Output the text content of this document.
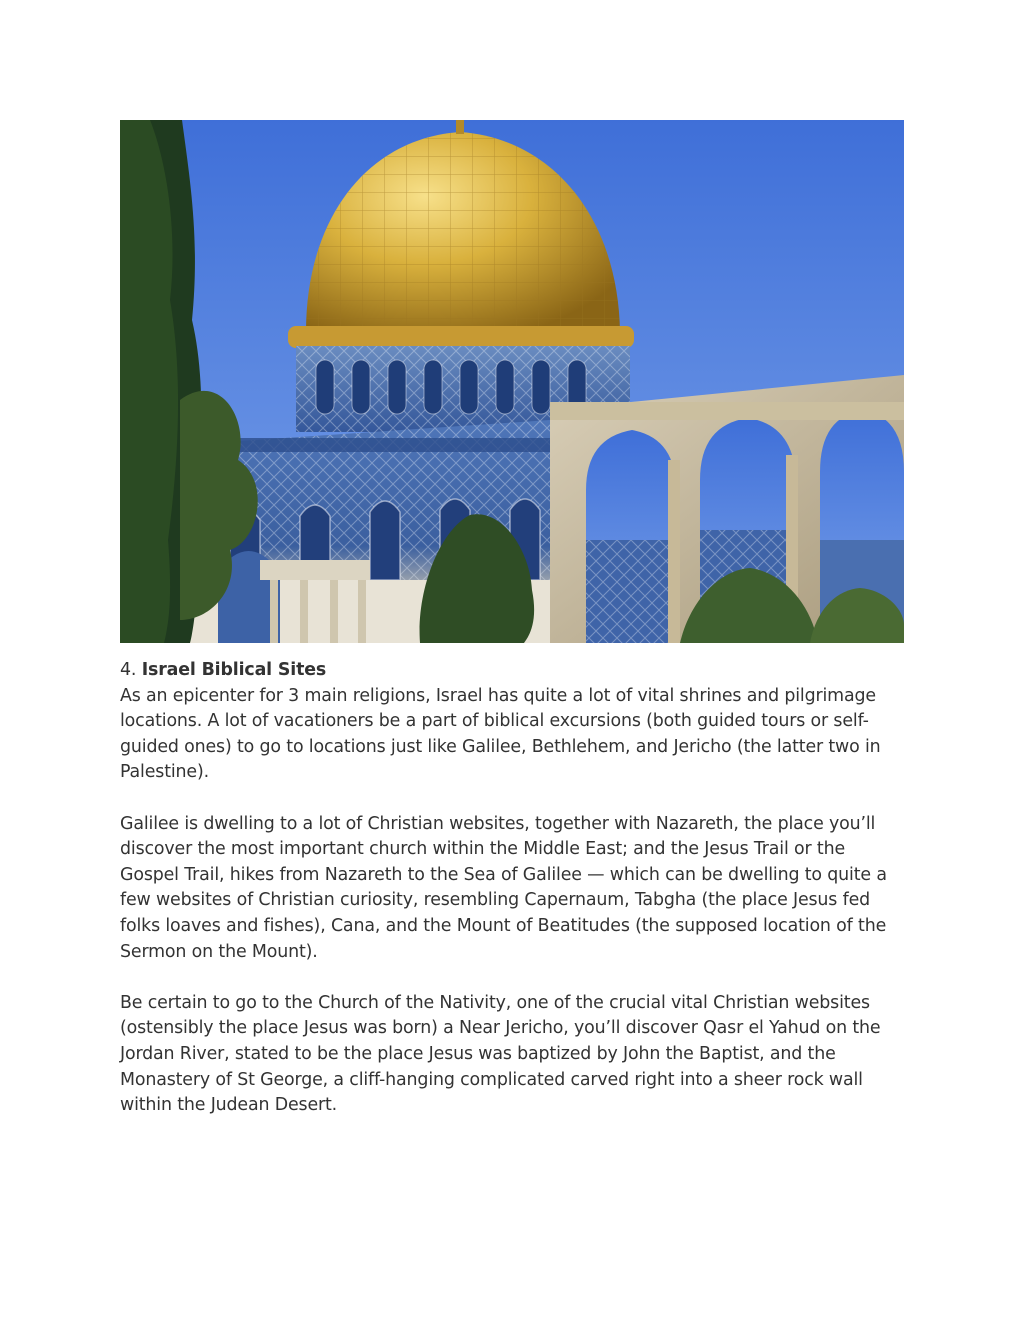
4. Israel Biblical Sites

As an epicenter for 3 main religions, Israel has quite a lot of vital shrines and pilgrimage locations. A lot of vacationers be a part of biblical excursions (both guided tours or self-guided ones) to go to locations just like Galilee, Bethlehem, and Jericho (the latter two in Palestine).

Galilee is dwelling to a lot of Christian websites, together with Nazareth, the place you’ll discover the most important church within the Middle East; and the Jesus Trail or the Gospel Trail, hikes from Nazareth to the Sea of Galilee — which can be dwelling to quite a few websites of Christian curiosity, resembling Capernaum, Tabgha (the place Jesus fed folks loaves and fishes), Cana, and the Mount of Beatitudes (the supposed location of the Sermon on the Mount).

Be certain to go to the Church of the Nativity, one of the crucial vital Christian websites (ostensibly the place Jesus was born) a Near Jericho, you’ll discover Qasr el Yahud on the Jordan River, stated to be the place Jesus was baptized by John the Baptist, and the Monastery of St George, a cliff-hanging complicated carved right into a sheer rock wall within the Judean Desert.
